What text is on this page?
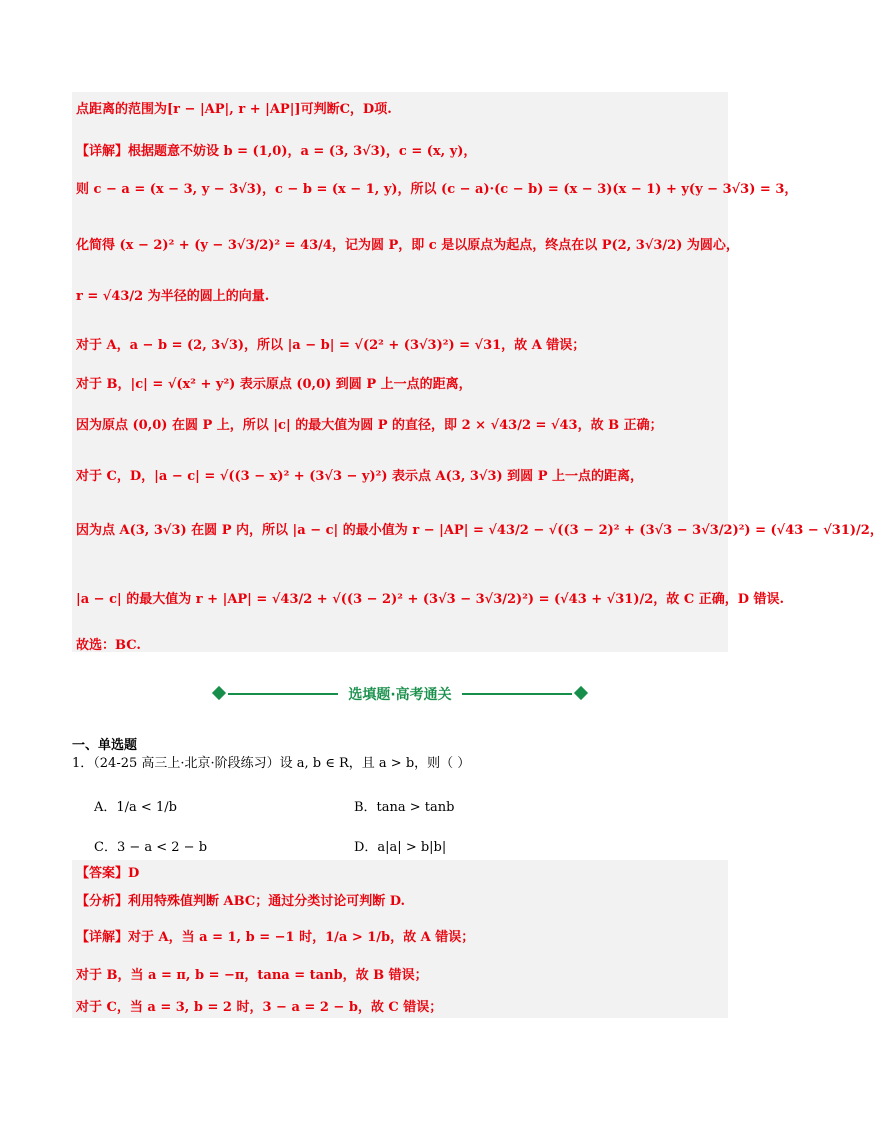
点距离的范围为[r − |AP|, r + |AP|]可判断C，D项.
【详解】根据题意不妨设 b = (1,0)，a = (3, 3√3)，c = (x, y)，
则 c − a = (x − 3, y − 3√3)，c − b = (x − 1, y)，所以 (c − a)·(c − b) = (x − 3)(x − 1) + y(y − 3√3) = 3，
化简得 (x − 2)² + (y − 3√3/2)² = 43/4，记为圆 P，即 c 是以原点为起点，终点在以 P(2, 3√3/2) 为圆心，
r = √43/2 为半径的圆上的向量.
对于 A，a − b = (2, 3√3)，所以 |a − b| = √(2² + (3√3)²) = √31，故 A 错误；
对于 B，|c| = √(x² + y²) 表示原点 (0,0) 到圆 P 上一点的距离，
因为原点 (0,0) 在圆 P 上，所以 |c| 的最大值为圆 P 的直径，即 2 × √43/2 = √43，故 B 正确；
对于 C，D，|a − c| = √((3 − x)² + (3√3 − y)²) 表示点 A(3, 3√3) 到圆 P 上一点的距离，
因为点 A(3, 3√3) 在圆 P 内，所以 |a − c| 的最小值为 r − |AP| = √43/2 − √((3 − 2)² + (3√3 − 3√3/2)²) = (√43 − √31)/2，
|a − c| 的最大值为 r + |AP| = √43/2 + √((3 − 2)² + (3√3 − 3√3/2)²) = (√43 + √31)/2，故 C 正确，D 错误.
故选：BC.
选填题·高考通关
一、单选题
1．（24-25 高三上·北京·阶段练习）设 a, b ∈ R，且 a > b，则（ ）
A．1/a < 1/b	B．tana > tanb
C．3 − a < 2 − b	D．a|a| > b|b|
【答案】D
【分析】利用特殊值判断 ABC；通过分类讨论可判断 D.
【详解】对于 A，当 a = 1, b = −1 时，1/a > 1/b，故 A 错误；
对于 B，当 a = π, b = −π，tana = tanb，故 B 错误；
对于 C，当 a = 3, b = 2 时，3 − a = 2 − b，故 C 错误；
